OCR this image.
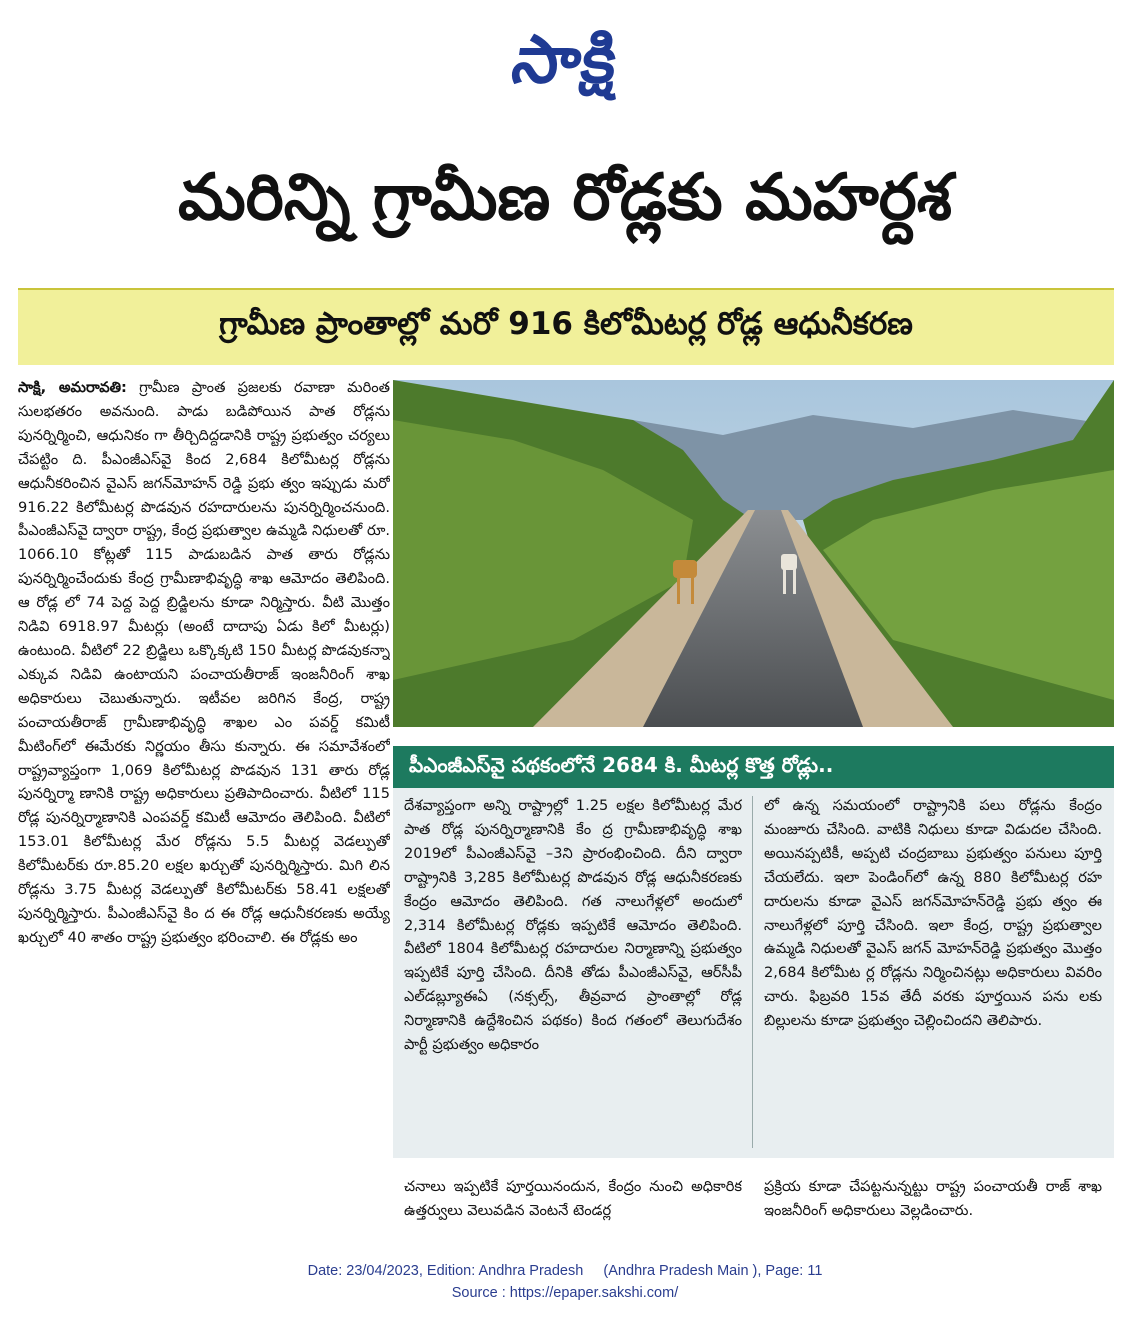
సాక్షి
మరిన్ని గ్రామీణ రోడ్లకు మహర్దశ
గ్రామీణ ప్రాంతాల్లో మరో 916 కిలోమీటర్ల రోడ్ల ఆధునీకరణ

సాక్షి, అమరావతి: గ్రామీణ ప్రాంత ప్రజలకు రవాణా మరింత సులభతరం అవనుంది. పాడు బడిపోయిన పాత రోడ్లను పునర్నిర్మించి, ఆధునికం గా తీర్చిదిద్దడానికి రాష్ట్ర ప్రభుత్వం చర్యలు చేపట్టిం ది. పీఎంజీఎస్‌వై కింద 2,684 కిలోమీటర్ల రోడ్లను ఆధునీకరించిన వైఎస్ జగన్‌మోహన్ రెడ్డి ప్రభు త్వం ఇప్పుడు మరో 916.22 కిలోమీటర్ల పొడవున రహదారులను పునర్నిర్మించనుంది. పీఎంజీఎస్‌వై ద్వారా రాష్ట్ర, కేంద్ర ప్రభుత్వాల ఉమ్మడి నిధులతో రూ. 1066.10 కోట్లతో 115 పాడుబడిన పాత తారు రోడ్లను పునర్నిర్మించేందుకు కేంద్ర గ్రామీణాభివృద్ధి శాఖ ఆమోదం తెలిపింది. ఆ రోడ్ల లో 74 పెద్ద పెద్ద బ్రిడ్జిలను కూడా నిర్మిస్తారు. వీటి మొత్తం నిడివి 6918.97 మీటర్లు (అంటే దాదాపు ఏడు కిలో మీటర్లు) ఉంటుంది. వీటిలో 22 బ్రిడ్జిలు ఒక్కొక్కటి 150 మీటర్ల పొడవుకన్నా ఎక్కువ నిడివి ఉంటాయని పంచాయతీరాజ్ ఇంజనీరింగ్ శాఖ అధికారులు చెబుతున్నారు. ఇటీవల జరిగిన కేంద్ర, రాష్ట్ర పంచాయతీరాజ్ గ్రామీణాభివృద్ధి శాఖల ఎం పవర్డ్ కమిటీ మీటింగ్‌లో ఈమేరకు నిర్ణయం తీసు కున్నారు. ఈ సమావేశంలో రాష్ట్రవ్యాప్తంగా 1,069 కిలోమీటర్ల పొడవున 131 తారు రోడ్ల పునర్నిర్మా ణానికి రాష్ట్ర అధికారులు ప్రతిపాదించారు. వీటిలో 115 రోడ్ల పునర్నిర్మాణానికి ఎంపవర్డ్ కమిటీ ఆమోదం తెలిపింది. వీటిలో 153.01 కిలోమీటర్ల మేర రోడ్లను 5.5 మీటర్ల వెడల్పుతో కిలోమీటర్‌కు రూ.85.20 లక్షల ఖర్చుతో పునర్నిర్మిస్తారు. మిగి లిన రోడ్లను 3.75 మీటర్ల వెడల్పుతో కిలోమీటర్‌కు 58.41 లక్షలతో పునర్నిర్మిస్తారు. పీఎంజీఎస్‌వై కిం ద ఈ రోడ్ల ఆధునీకరణకు అయ్యే ఖర్చులో 40 శాతం రాష్ట్ర ప్రభుత్వం భరించాలి. ఈ రోడ్లకు అం

పీఎంజీఎస్‌వై పథకంలోనే 2684 కి. మీటర్ల కొత్త రోడ్లు..

దేశవ్యాప్తంగా అన్ని రాష్ట్రాల్లో 1.25 లక్షల కిలోమీటర్ల మేర పాత రోడ్ల పునర్నిర్మాణానికి కేం ద్ర గ్రామీణాభివృద్ధి శాఖ 2019లో పీఎంజీఎస్‌వై –3ని ప్రారంభించింది. దీని ద్వారా రాష్ట్రానికి 3,285 కిలోమీటర్ల పొడవున రోడ్ల ఆధునీకరణకు కేంద్రం ఆమోదం తెలిపింది. గత నాలుగేళ్లలో అందులో 2,314 కిలోమీటర్ల రోడ్లకు ఇప్పటికే ఆమోదం తెలిపింది. వీటిలో 1804 కిలోమీటర్ల రహదారుల నిర్మాణాన్ని ప్రభుత్వం ఇప్పటికే పూర్తి చేసింది. దీనికి తోడు పీఎంజీఎస్‌వై, ఆర్‌సీపీ ఎల్‌డబ్ల్యూఈఏ (నక్సల్స్, తీవ్రవాద ప్రాంతాల్లో రోడ్ల నిర్మాణానికి ఉద్దేశించిన పథకం) కింద గతంలో తెలుగుదేశం పార్టీ ప్రభుత్వం అధికారం

లో ఉన్న సమయంలో రాష్ట్రానికి పలు రోడ్లను కేంద్రం మంజూరు చేసింది. వాటికి నిధులు కూడా విడుదల చేసింది. అయినప్పటికీ, అప్పటి చంద్రబాబు ప్రభుత్వం పనులు పూర్తి చేయలేదు. ఇలా పెండింగ్‌లో ఉన్న 880 కిలోమీటర్ల రహ దారులను కూడా వైఎస్ జగన్‌మోహన్‌రెడ్డి ప్రభు త్వం ఈ నాలుగేళ్లలో పూర్తి చేసింది. ఇలా కేంద్ర, రాష్ట్ర ప్రభుత్వాల ఉమ్మడి నిధులతో వైఎస్ జగన్ మోహన్‌రెడ్డి ప్రభుత్వం మొత్తం 2,684 కిలోమీట ర్ల రోడ్లను నిర్మించినట్లు అధికారులు వివరిం చారు. ఫిబ్రవరి 15వ తేదీ వరకు పూర్తయిన పను లకు బిల్లులను కూడా ప్రభుత్వం చెల్లించిందని తెలిపారు.

చనాలు ఇప్పటికే పూర్తయినందున, కేంద్రం నుంచి అధికారిక ఉత్తర్వులు వెలువడిన వెంటనే టెండర్ల

ప్రక్రియ కూడా చేపట్టనున్నట్టు రాష్ట్ర పంచాయతీ రాజ్ శాఖ ఇంజనీరింగ్ అధికారులు వెల్లడించారు.

Date: 23/04/2023, Edition: Andhra Pradesh     (Andhra Pradesh Main ), Page: 11
Source : https://epaper.sakshi.com/
